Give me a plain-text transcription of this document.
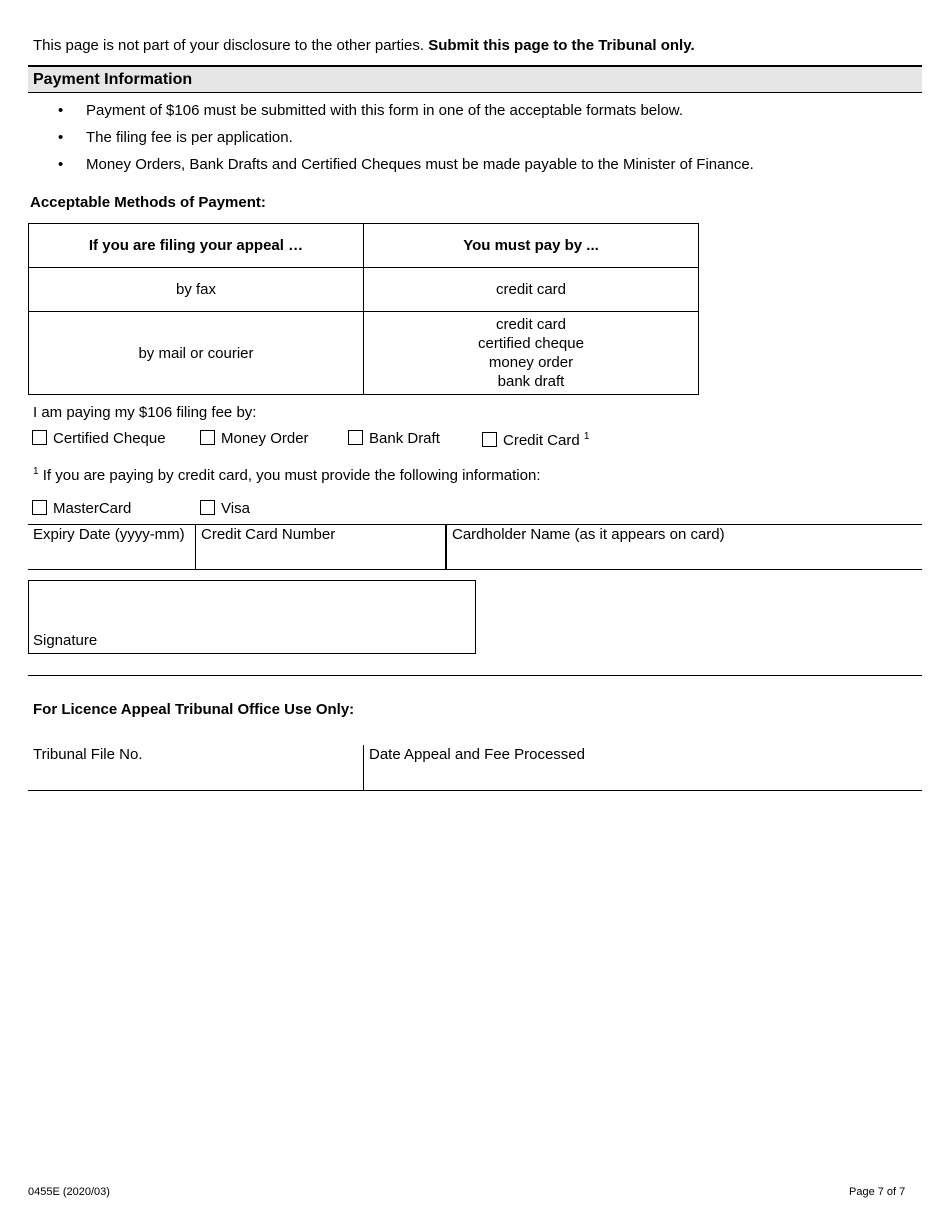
This page is not part of your disclosure to the other parties. Submit this page to the Tribunal only.
Payment Information
• Payment of $106 must be submitted with this form in one of the acceptable formats below.
• The filing fee is per application.
• Money Orders, Bank Drafts and Certified Cheques must be made payable to the Minister of Finance.
Acceptable Methods of Payment:
If you are filing your appeal …	You must pay by ...
by fax	credit card

by mail or courier	credit card
certified cheque
money order
bank draft
I am paying my $106 filing fee by:
Certified Cheque	Money Order	Bank Draft	Credit Card $^1$
$^1$ If you are paying by credit card, you must provide the following information:
MasterCard	Visa
Expiry Date (yyyy-mm)	Credit Card Number	Cardholder Name (as it appears on card)
Signature
For Licence Appeal Tribunal Office Use Only:
Tribunal File No.	Date Appeal and Fee Processed
0455E (2020/03)	Page 7 of 7
